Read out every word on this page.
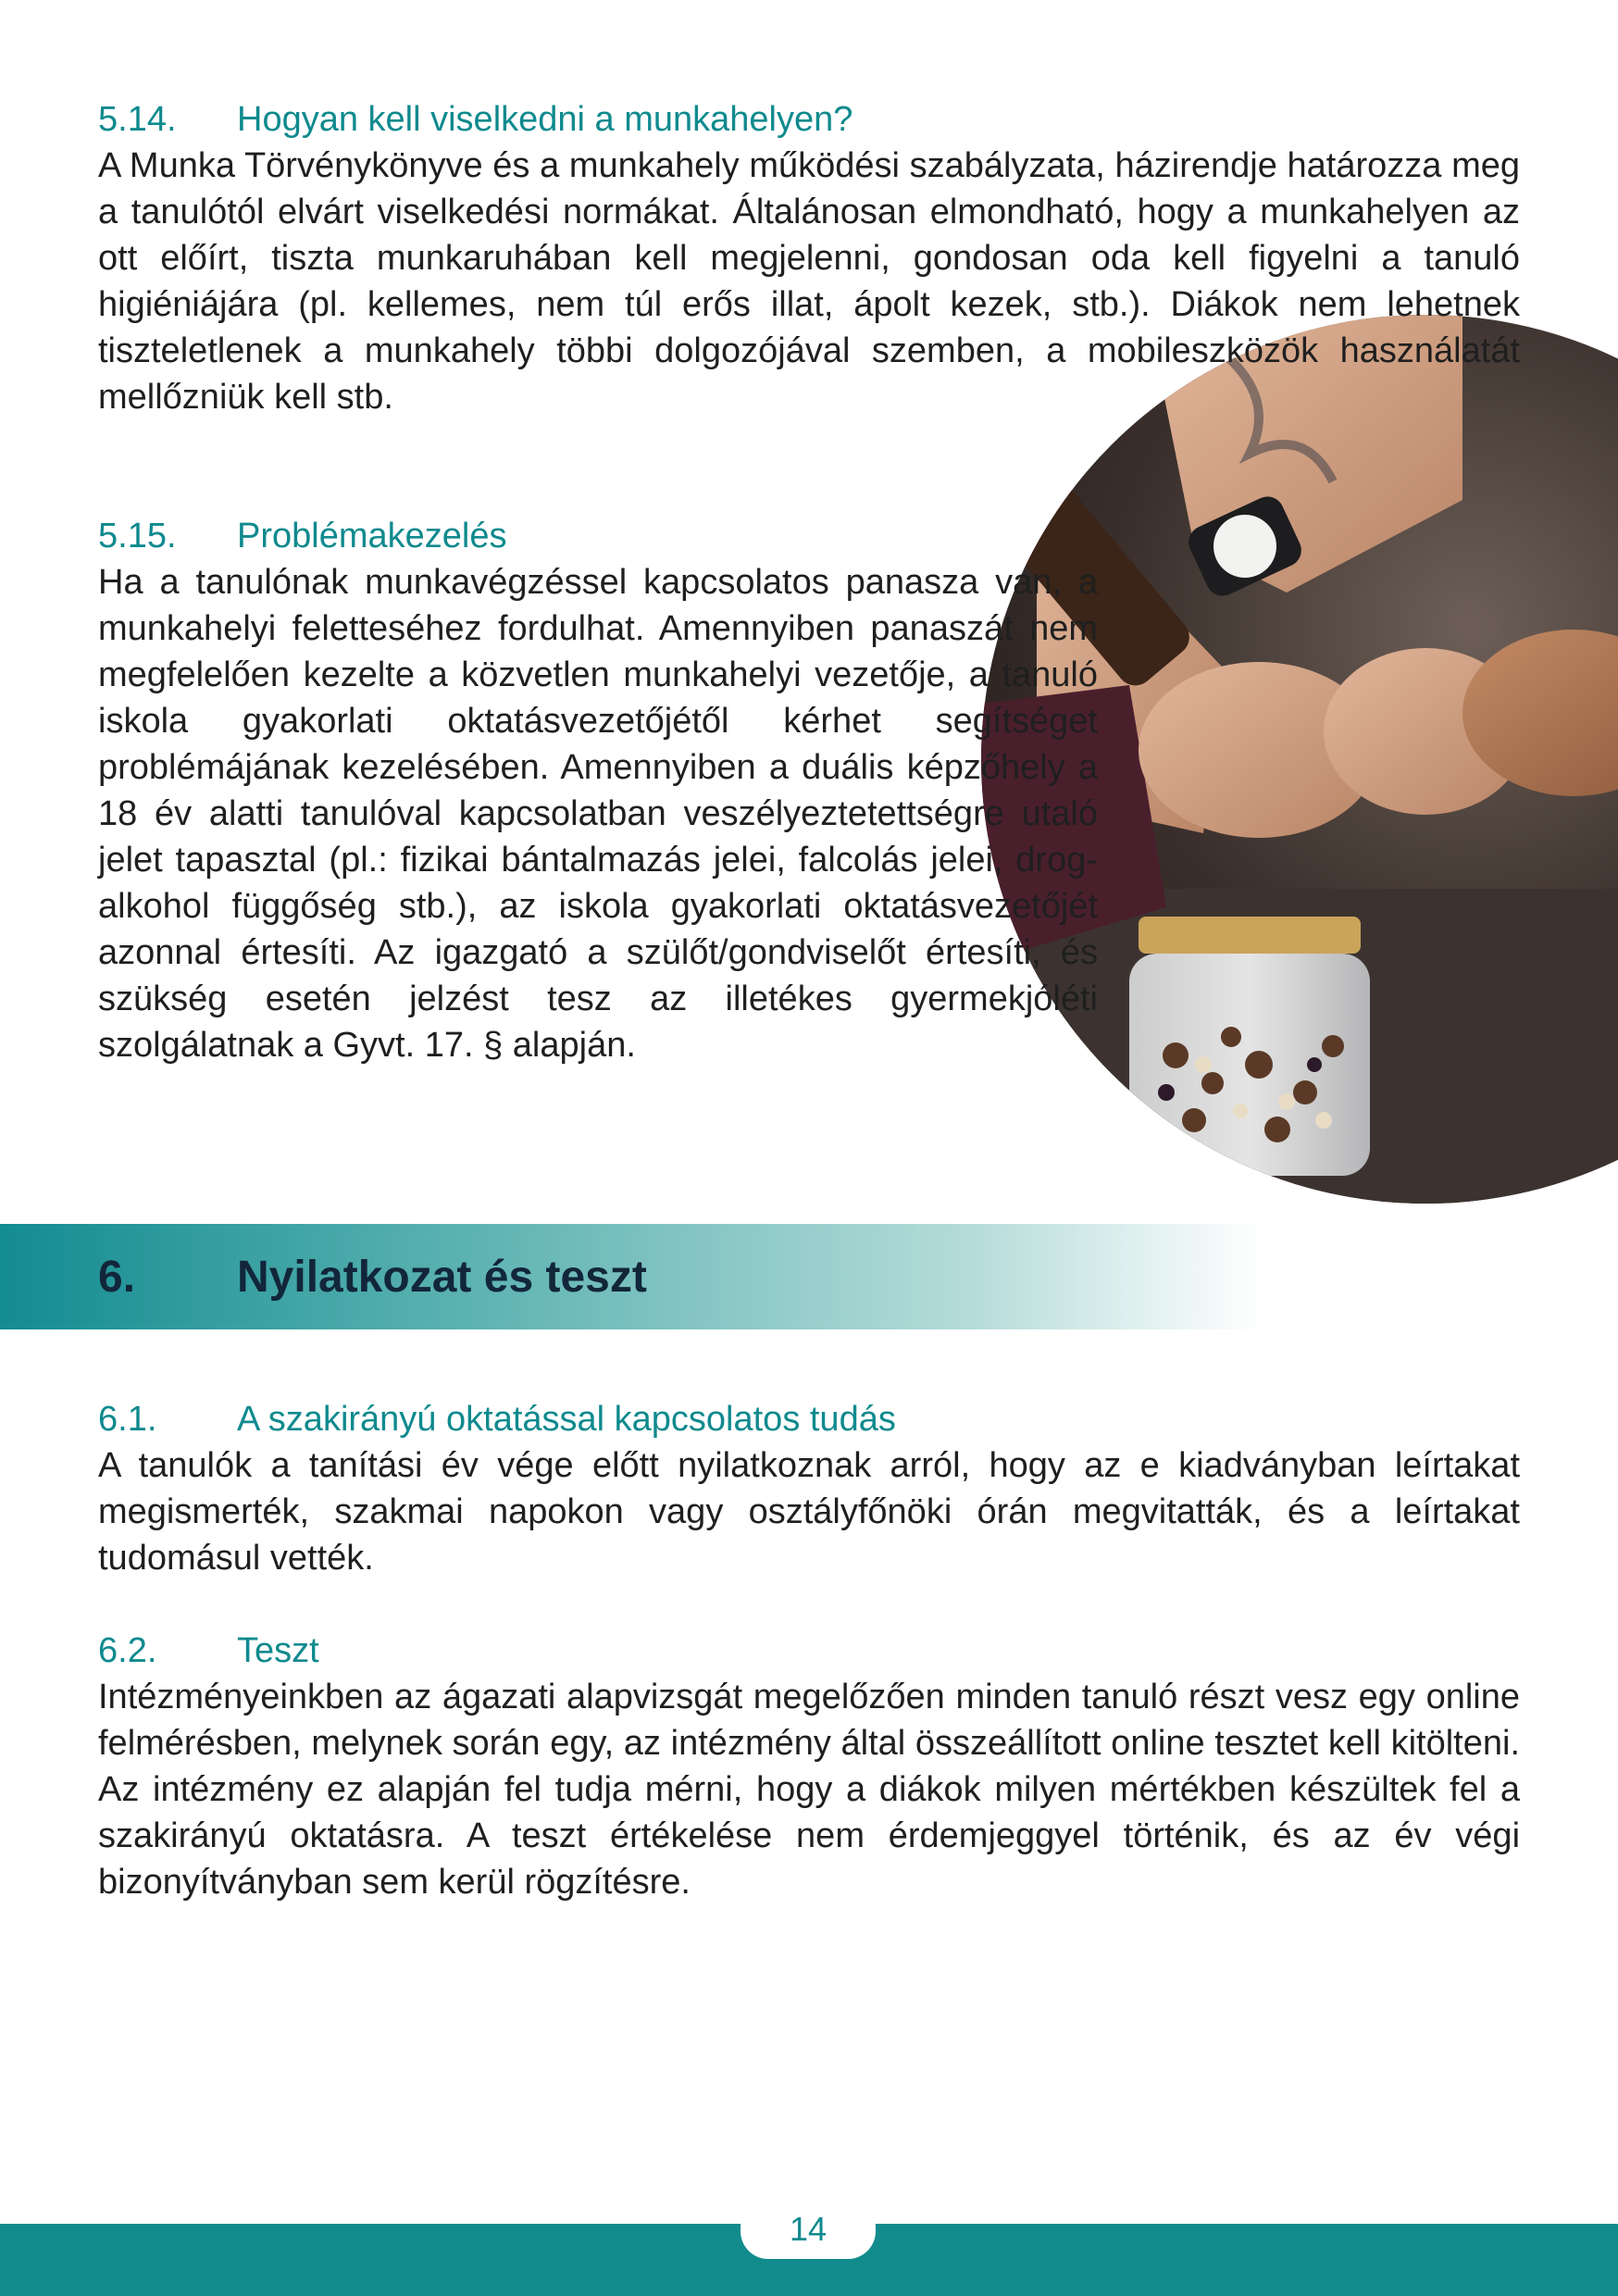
5.14.	Hogyan kell viselkedni a munkahelyen?

A Munka Törvénykönyve és a munkahely működési szabályzata, házirendje határozza meg a tanulótól elvárt viselkedési normákat. Általánosan elmondható, hogy a munkahelyen az ott előírt, tiszta munkaruhában kell megjelenni, gondosan oda kell figyelni a tanuló higiéniájára (pl. kellemes, nem túl erős illat, ápolt kezek, stb.). Diákok nem lehetnek tiszteletlenek a munkahely többi dolgozójával szemben, a mobileszközök használatát mellőzniük kell stb.

5.15.	Problémakezelés

Ha a tanulónak munkavégzéssel kapcsolatos panasza van, a munkahelyi feletteséhez fordulhat. Amennyiben panaszát nem megfelelően kezelte a közvetlen munkahelyi vezetője, a tanuló iskola gyakorlati oktatásvezetőjétől kérhet segítséget problémájának kezelésében. Amennyiben a duális képzőhely a 18 év alatti tanulóval kapcsolatban veszélyeztetettségre utaló jelet tapasztal (pl.: fizikai bántalmazás jelei, falcolás jelei, drog- alkohol függőség stb.), az iskola gyakorlati oktatásvezetőjét azonnal értesíti. Az igazgató a szülőt/gondviselőt értesíti, és szükség esetén jelzést tesz az illetékes gyermekjóléti szolgálatnak a Gyvt. 17. § alapján.

6.	Nyilatkozat és teszt
6.1.	A szakirányú oktatással kapcsolatos tudás

A tanulók a tanítási év vége előtt nyilatkoznak arról, hogy az e kiadványban leírtakat megismerték, szakmai napokon vagy osztályfőnöki órán megvitatták, és a leírtakat tudomásul vették.

6.2.	Teszt

Intézményeinkben az ágazati alapvizsgát megelőzően minden tanuló részt vesz egy online felmérésben, melynek során egy, az intézmény által összeállított online tesztet kell kitölteni. Az intézmény ez alapján fel tudja mérni, hogy a diákok milyen mértékben készültek fel a szakirányú oktatásra. A teszt értékelése nem érdemjeggyel történik, és az év végi bizonyítványban sem kerül rögzítésre.

14
